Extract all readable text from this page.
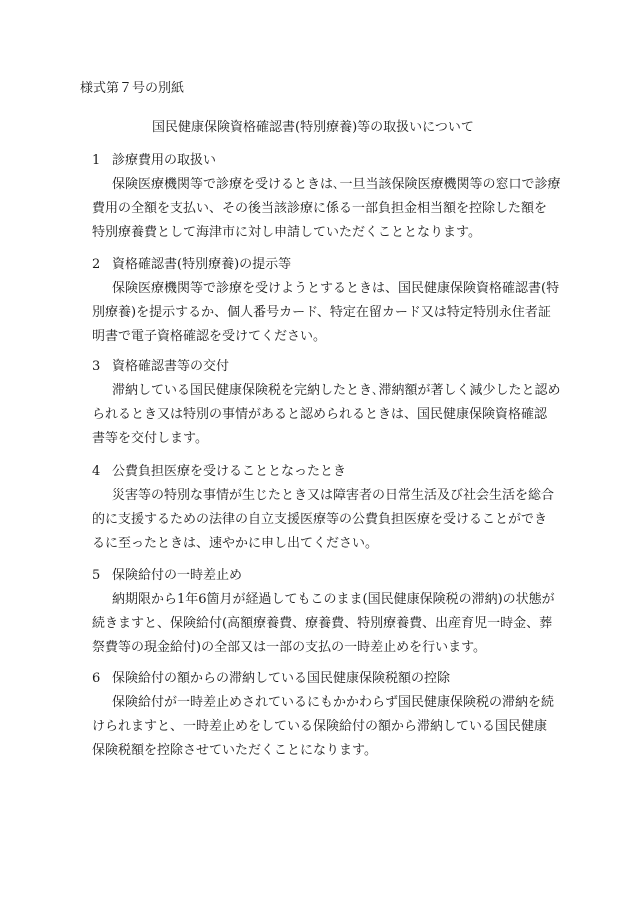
様式第７号の別紙
国民健康保険資格確認書(特別療養)等の取扱いについて
1 診療費用の取扱い
保険医療機関等で診療を受けるときは､一旦当該保険医療機関等の窓口で診療
費用の全額を支払い、その後当該診療に係る一部負担金相当額を控除した額を
特別療養費として海津市に対し申請していただくこととなります。
2 資格確認書(特別療養)の提示等
保険医療機関等で診療を受けようとするときは、国民健康保険資格確認書(特
別療養)を提示するか、個人番号カード、特定在留カード又は特定特別永住者証
明書で電子資格確認を受けてください。
3 資格確認書等の交付
滞納している国民健康保険税を完納したとき､滞納額が著しく減少したと認め
られるとき又は特別の事情があると認められるときは、国民健康保険資格確認
書等を交付します。
4 公費負担医療を受けることとなったとき
災害等の特別な事情が生じたとき又は障害者の日常生活及び社会生活を総合
的に支援するための法律の自立支援医療等の公費負担医療を受けることができ
るに至ったときは、速やかに申し出てください。
5 保険給付の一時差止め
納期限から1年6箇月が経過してもこのまま(国民健康保険税の滞納)の状態が
続きますと、保険給付(高額療養費、療養費、特別療養費、出産育児一時金、葬
祭費等の現金給付)の全部又は一部の支払の一時差止めを行います。
6 保険給付の額からの滞納している国民健康保険税額の控除
保険給付が一時差止めされているにもかかわらず国民健康保険税の滞納を続
けられますと、一時差止めをしている保険給付の額から滞納している国民健康
保険税額を控除させていただくことになります。
